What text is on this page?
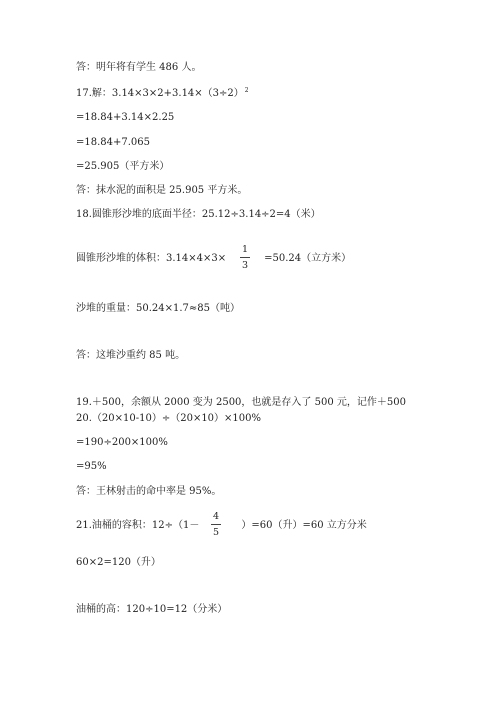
答：明年将有学生 486 人。
17.解：$3.14\times 3\times 2+3.14\times(3\div 2)^2$
=18.84+3.14×2.25
=18.84+7.065
=25.905（平方米）
答：抹水泥的面积是 25.905 平方米。
18.圆锥形沙堆的底面半径：25.12÷3.14÷2=4（米）
圆锥形沙堆的体积：3.14×4×3×	=50.24（立方米）
1
3
沙堆的重量：50.24×1.7≈85（吨）
答：这堆沙重约 85 吨。
19.＋500，余额从 2000 变为 2500，也就是存入了 500 元，记作＋500
20.（20×10-10）÷（20×10）×100%
=190÷200×100%
=95%
答：王林射击的命中率是 95%。
21.油桶的容积：12÷（1－	）=60（升）=60 立方分米
4
5
60×2=120（升）
油桶的高：120÷10=12（分米）
